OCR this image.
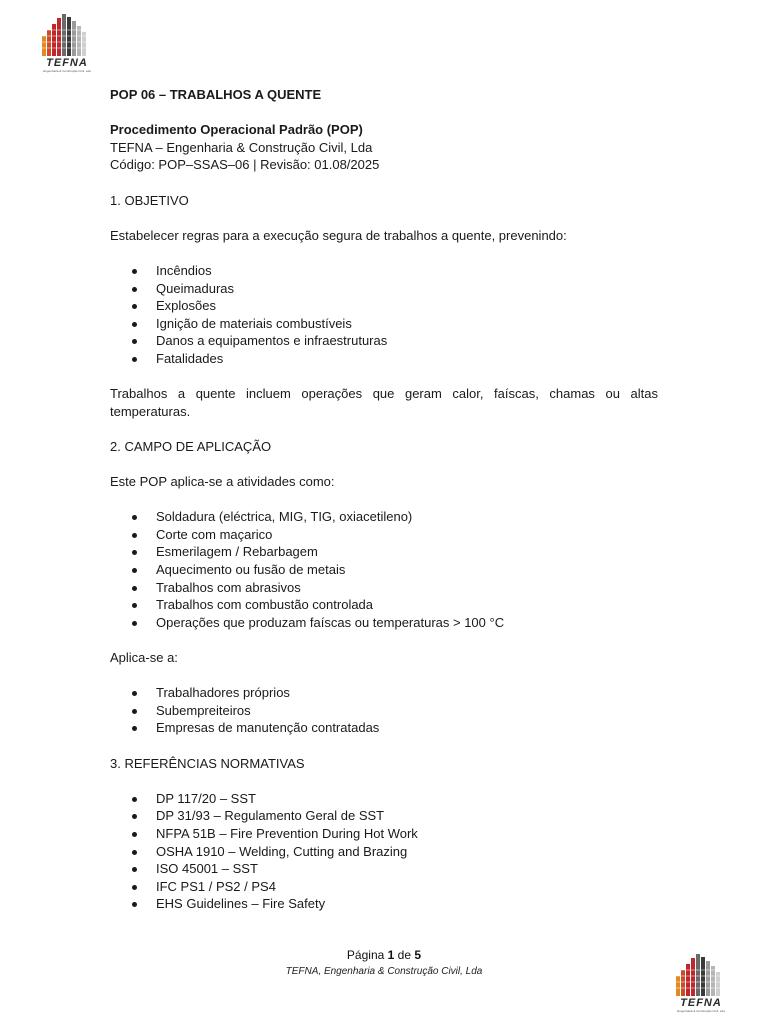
TEFNA
Engenharia & Construção Civil, Lda

POP 06 – TRABALHOS A QUENTE

Procedimento Operacional Padrão (POP)

TEFNA – Engenharia & Construção Civil, Lda

Código: POP–SSAS–06 | Revisão: 01.08/2025

1. OBJETIVO

Estabelecer regras para a execução segura de trabalhos a quente, prevenindo:

Incêndios
Queimaduras
Explosões
Ignição de materiais combustíveis
Danos a equipamentos e infraestruturas
Fatalidades

Trabalhos a quente incluem operações que geram calor, faíscas, chamas ou altas temperaturas.

2. CAMPO DE APLICAÇÃO

Este POP aplica-se a atividades como:

Soldadura (eléctrica, MIG, TIG, oxiacetileno)
Corte com maçarico
Esmerilagem / Rebarbagem
Aquecimento ou fusão de metais
Trabalhos com abrasivos
Trabalhos com combustão controlada
Operações que produzam faíscas ou temperaturas > 100 °C

Aplica-se a:

Trabalhadores próprios
Subempreiteiros
Empresas de manutenção contratadas

3. REFERÊNCIAS NORMATIVAS

DP 117/20 – SST
DP 31/93 – Regulamento Geral de SST
NFPA 51B – Fire Prevention During Hot Work
OSHA 1910 – Welding, Cutting and Brazing
ISO 45001 – SST
IFC PS1 / PS2 / PS4
EHS Guidelines – Fire Safety
Página 1 de 5
TEFNA, Engenharia & Construção Civil, Lda
TEFNA
Engenharia & Construção Civil, Lda
